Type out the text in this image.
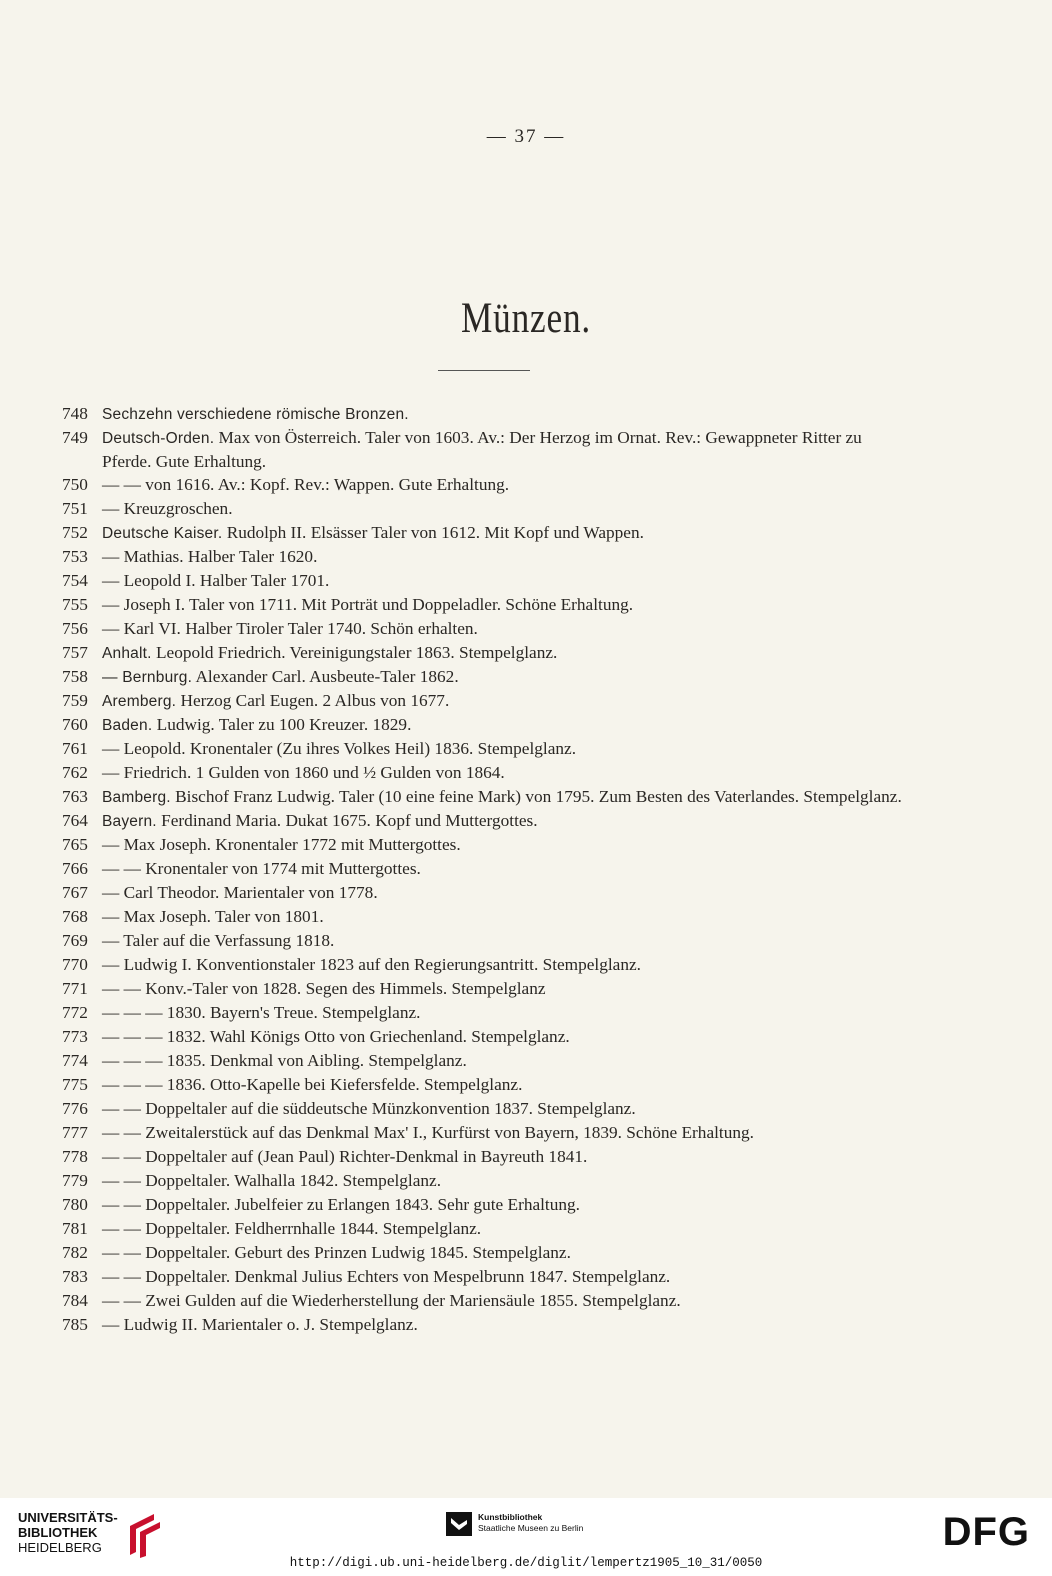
— 37 —
Münzen.
748 Sechzehn verschiedene römische Bronzen.
749 Deutsch-Orden. Max von Österreich. Taler von 1603. Av.: Der Herzog im Ornat. Rev.: Gewappneter Ritter zu Pferde. Gute Erhaltung.
750 — — von 1616. Av.: Kopf. Rev.: Wappen. Gute Erhaltung.
751 — Kreuzgroschen.
752 Deutsche Kaiser. Rudolph II. Elsässer Taler von 1612. Mit Kopf und Wappen.
753 — Mathias. Halber Taler 1620.
754 — Leopold I. Halber Taler 1701.
755 — Joseph I. Taler von 1711. Mit Porträt und Doppeladler. Schöne Erhaltung.
756 — Karl VI. Halber Tiroler Taler 1740. Schön erhalten.
757 Anhalt. Leopold Friedrich. Vereinigungstaler 1863. Stempelglanz.
758 — Bernburg. Alexander Carl. Ausbeute-Taler 1862.
759 Aremberg. Herzog Carl Eugen. 2 Albus von 1677.
760 Baden. Ludwig. Taler zu 100 Kreuzer. 1829.
761 — Leopold. Kronentaler (Zu ihres Volkes Heil) 1836. Stempelglanz.
762 — Friedrich. 1 Gulden von 1860 und ½ Gulden von 1864.
763 Bamberg. Bischof Franz Ludwig. Taler (10 eine feine Mark) von 1795. Zum Besten des Vaterlandes. Stempelglanz.
764 Bayern. Ferdinand Maria. Dukat 1675. Kopf und Muttergottes.
765 — Max Joseph. Kronentaler 1772 mit Muttergottes.
766 — — Kronentaler von 1774 mit Muttergottes.
767 — Carl Theodor. Marientaler von 1778.
768 — Max Joseph. Taler von 1801.
769 — Taler auf die Verfassung 1818.
770 — Ludwig I. Konventionstaler 1823 auf den Regierungsantritt. Stempelglanz.
771 — — Konv.-Taler von 1828. Segen des Himmels. Stempelglanz
772 — — — 1830. Bayern's Treue. Stempelglanz.
773 — — — 1832. Wahl Königs Otto von Griechenland. Stempelglanz.
774 — — — 1835. Denkmal von Aibling. Stempelglanz.
775 — — — 1836. Otto-Kapelle bei Kiefersfelde. Stempelglanz.
776 — — Doppeltaler auf die süddeutsche Münzkonvention 1837. Stempelglanz.
777 — — Zweitalerstück auf das Denkmal Max' I., Kurfürst von Bayern, 1839. Schöne Erhaltung.
778 — — Doppeltaler auf (Jean Paul) Richter-Denkmal in Bayreuth 1841.
779 — — Doppeltaler. Walhalla 1842. Stempelglanz.
780 — — Doppeltaler. Jubelfeier zu Erlangen 1843. Sehr gute Erhaltung.
781 — — Doppeltaler. Feldherrnhalle 1844. Stempelglanz.
782 — — Doppeltaler. Geburt des Prinzen Ludwig 1845. Stempelglanz.
783 — — Doppeltaler. Denkmal Julius Echters von Mespelbrunn 1847. Stempelglanz.
784 — — Zwei Gulden auf die Wiederherstellung der Mariensäule 1855. Stempelglanz.
785 — Ludwig II. Marientaler o. J. Stempelglanz.
UNIVERSITÄTS-
BIBLIOTHEK
HEIDELBERG
Kunstbibliothek
Staatliche Museen zu Berlin	DFG
http://digi.ub.uni-heidelberg.de/diglit/lempertz1905_10_31/0050
